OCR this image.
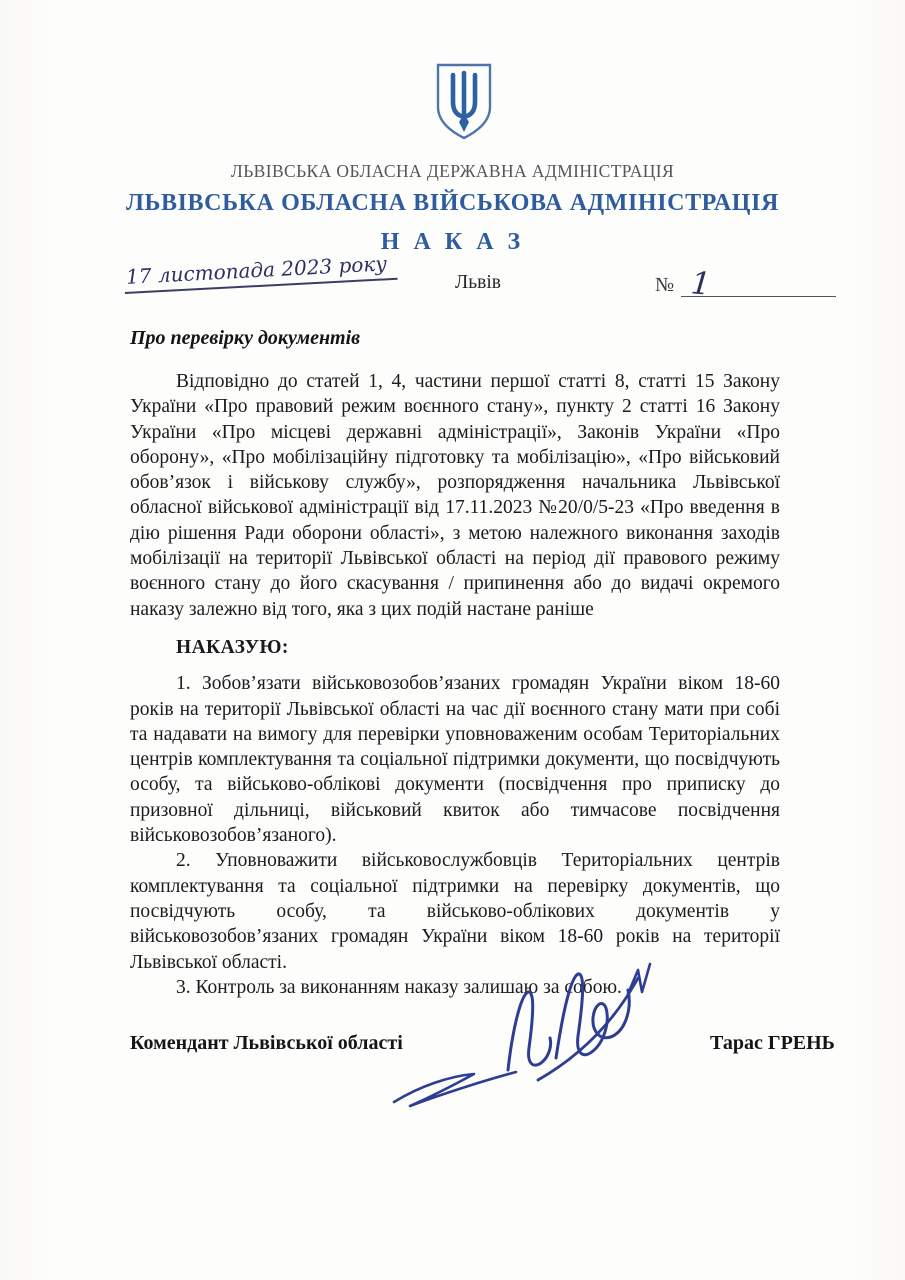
ЛЬВІВСЬКА ОБЛАСНА ДЕРЖАВНА АДМІНІСТРАЦІЯ
ЛЬВІВСЬКА ОБЛАСНА ВІЙСЬКОВА АДМІНІСТРАЦІЯ
Н А К А З
17 листопада 2023 року	Львів	№ 1
Про перевірку документів

Відповідно до статей 1, 4, частини першої статті 8, статті 15 Закону України «Про правовий режим воєнного стану», пункту 2 статті 16 Закону України «Про місцеві державні адміністрації», Законів України «Про оборону», «Про мобілізаційну підготовку та мобілізацію», «Про військовий обов’язок і військову службу», розпорядження начальника Львівської обласної військової адміністрації від 17.11.2023 №20/0/5-23 «Про введення в дію рішення Ради оборони області», з метою належного виконання заходів мобілізації на території Львівської області на період дії правового режиму воєнного стану до його скасування / припинення або до видачі окремого наказу залежно від того, яка з цих подій настане раніше

НАКАЗУЮ:

1. Зобов’язати військовозобов’язаних громадян України віком 18-60 років на території Львівської області на час дії воєнного стану мати при собі та надавати на вимогу для перевірки уповноваженим особам Територіальних центрів комплектування та соціальної підтримки документи, що посвідчують особу, та військово-облікові документи (посвідчення про приписку до призовної дільниці, військовий квиток або тимчасове посвідчення військовозобов’язаного).

2. Уповноважити військовослужбовців Територіальних центрів комплектування та соціальної підтримки на перевірку документів, що посвідчують особу, та військово-облікових документів у військовозобов’язаних громадян України віком 18-60 років на території Львівської області.

3. Контроль за виконанням наказу залишаю за собою.

Комендант Львівської області	Тарас ГРЕНЬ
